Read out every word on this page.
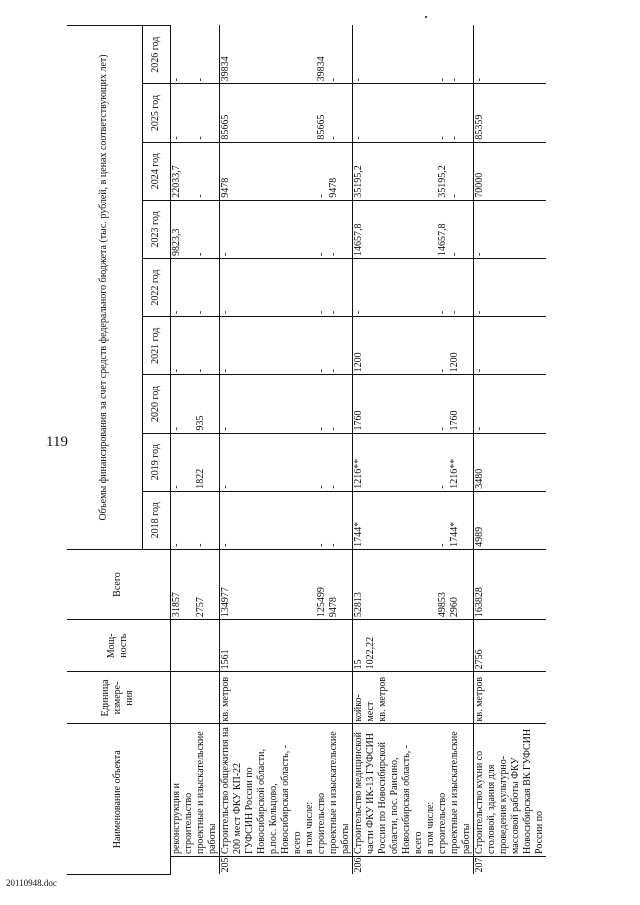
119
Наименование объекта		Единица измере-ния	Мощ-ность	Всего	Объемы финансирования за счет средств федерального бюджета (тыс. рублей, в ценах соответствующих лет)								
					2018 год	2019 год	2020 год	2021 год	2022 год	2023 год	2024 год	2025 год	2026 год
	реконструкция и строительство			31857	-	-	-	-	-	9823,3	22033,7	-	-
	проектные и изыскательские работы			2757	-	1822	935	-	-	-	-	-	-
205.	Строительство общежития на 200 мест ФКУ КП-22 ГУФСИН России по Новосибирской области, р.пос. Кольцово, Новосибирская область, - всего	кв. метров	1561	134977	-	-	-	-	-	-	9478	85665	39834
	в том числе:	

	строительство			125499	-	-	-	-	-	-	-	85665	39834
	проектные и изыскательские работы			9478	-	-	-	-	-	-	9478	-	-
206.	Строительство медицинской части ФКУ ИК-13 ГУФСИН России по Новосибирской области, пос. Раисино, Новосибирская область, - всего	койко-мест кв. метров	15 1022,22	52813	1744*	1216**	1760	1200	-	14657,8	35195,2	-	-
	в том числе:	

	строительство			49853	-	-	-	-	-	14657,8	35195,2	-	-
	проектные и изыскательские работы			2960	1744*	1216**	1760	1200	-	-	-	-	-
207.	Строительство кухни со столовой, здания для проведения культурно-массовой работы ФКУ Новосибирская ВК ГУФСИН России по	кв. метров	2756	163828	4989	3480	-	-	-	-	70000	85359	-
20110948.doc
